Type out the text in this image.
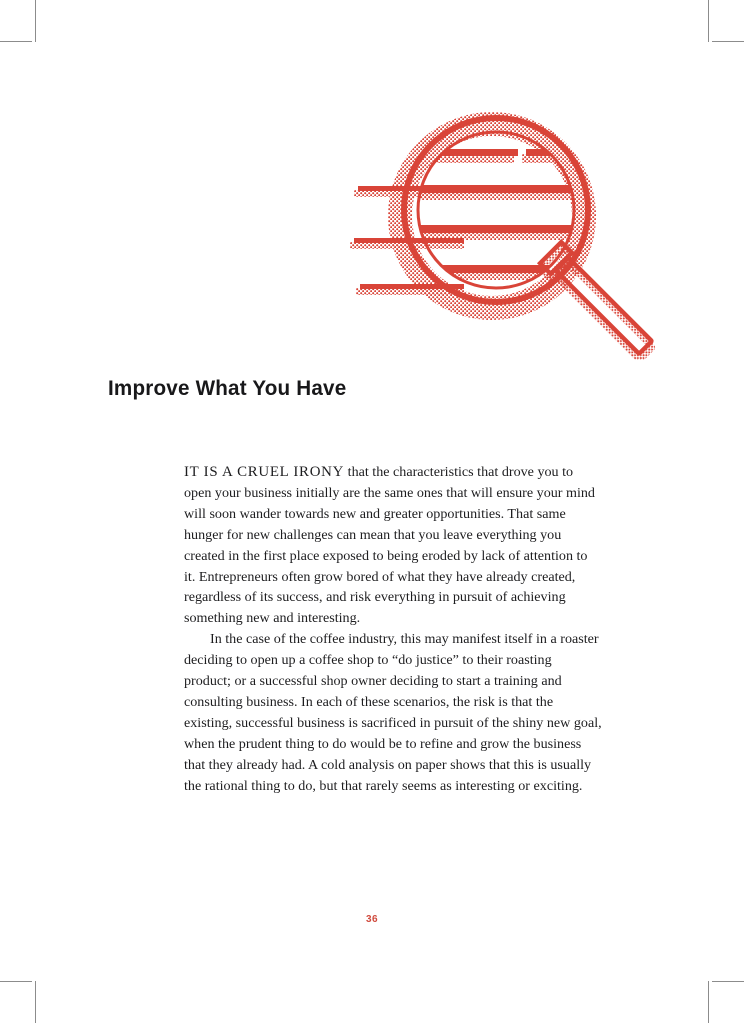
Improve What You Have

IT IS A CRUEL IRONY that the characteristics that drove you to open your business initially are the same ones that will ensure your mind will soon wander towards new and greater opportunities. That same hunger for new challenges can mean that you leave everything you created in the first place exposed to being eroded by lack of attention to it. Entrepreneurs often grow bored of what they have already created, regardless of its success, and risk everything in pursuit of achieving something new and interesting.

In the case of the coffee industry, this may manifest itself in a roaster deciding to open up a coffee shop to “do justice” to their roasting product; or a successful shop owner deciding to start a training and consulting business. In each of these scenarios, the risk is that the existing, successful business is sacrificed in pursuit of the shiny new goal, when the prudent thing to do would be to refine and grow the business that they already had. A cold analysis on paper shows that this is usually the rational thing to do, but that rarely seems as interesting or exciting.

36
